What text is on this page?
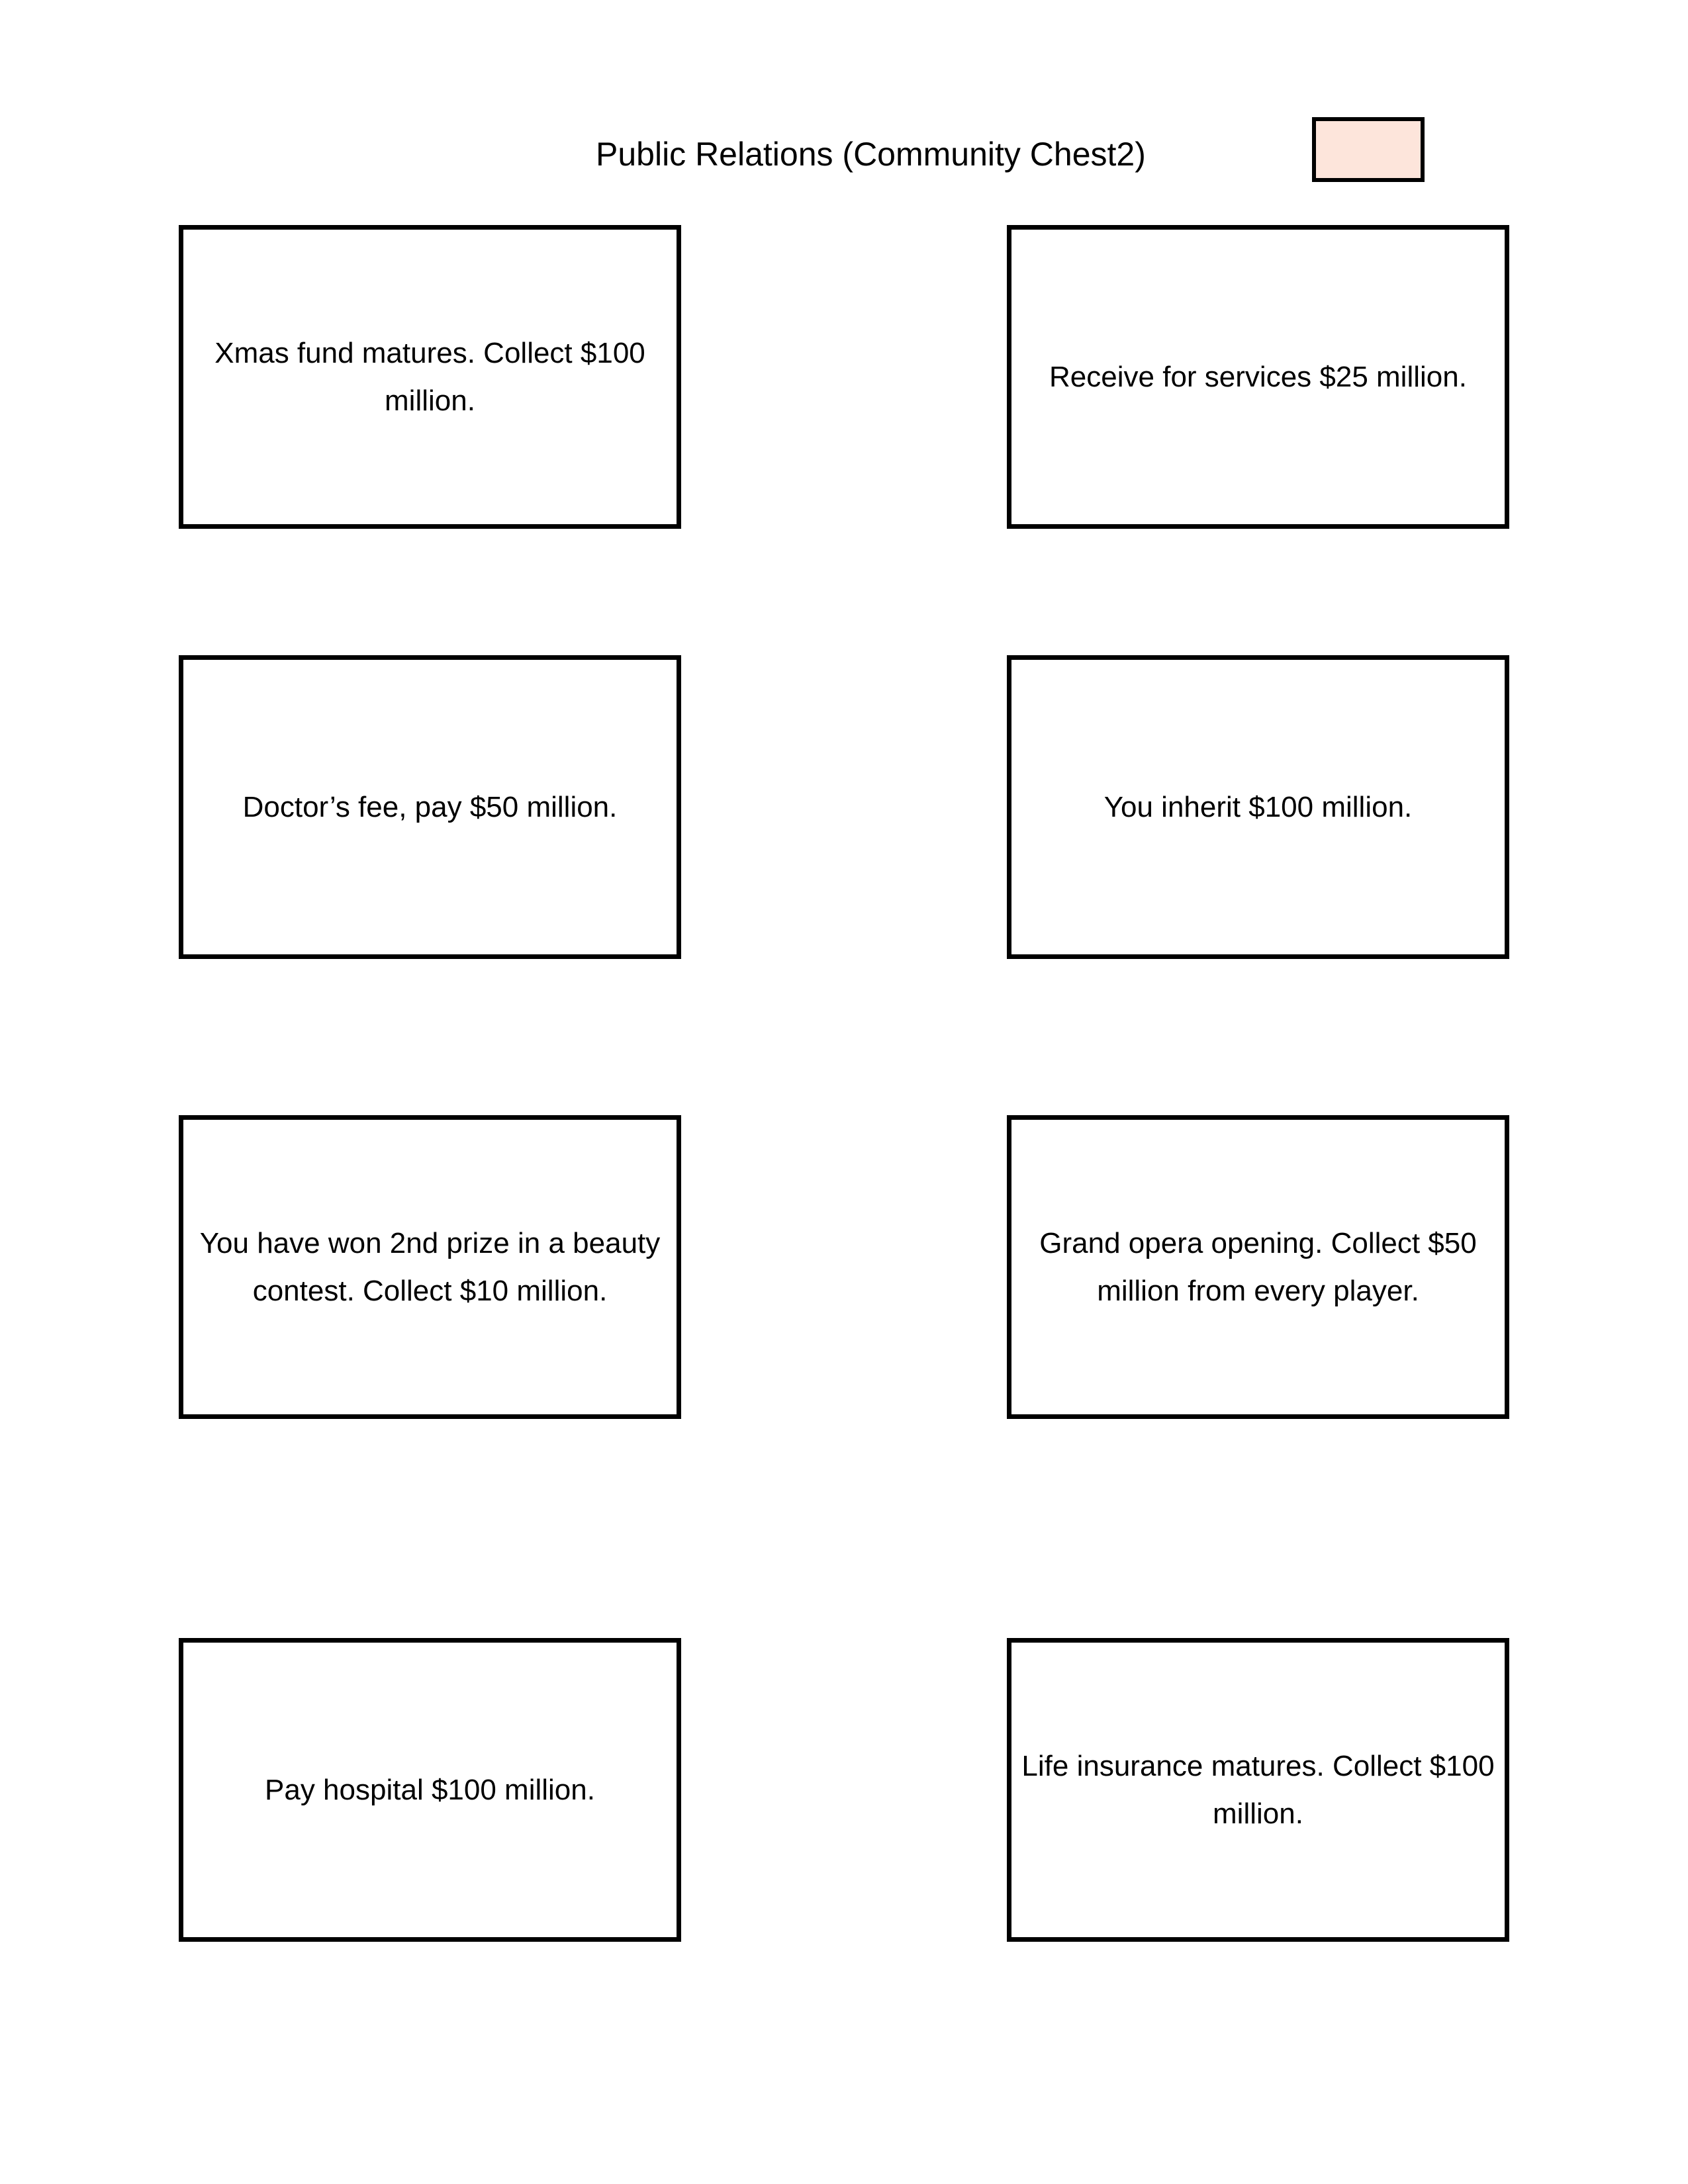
Public Relations (Community Chest2)
Xmas fund matures. Collect $100 million.
Receive for services $25 million.
Doctor’s fee, pay $50 million.	You inherit $100 million.
You have won 2nd prize in a beauty contest. Collect $10 million.
Grand opera opening. Collect $50 million from every player.
Pay hospital $100 million.
Life insurance matures. Collect $100 million.
